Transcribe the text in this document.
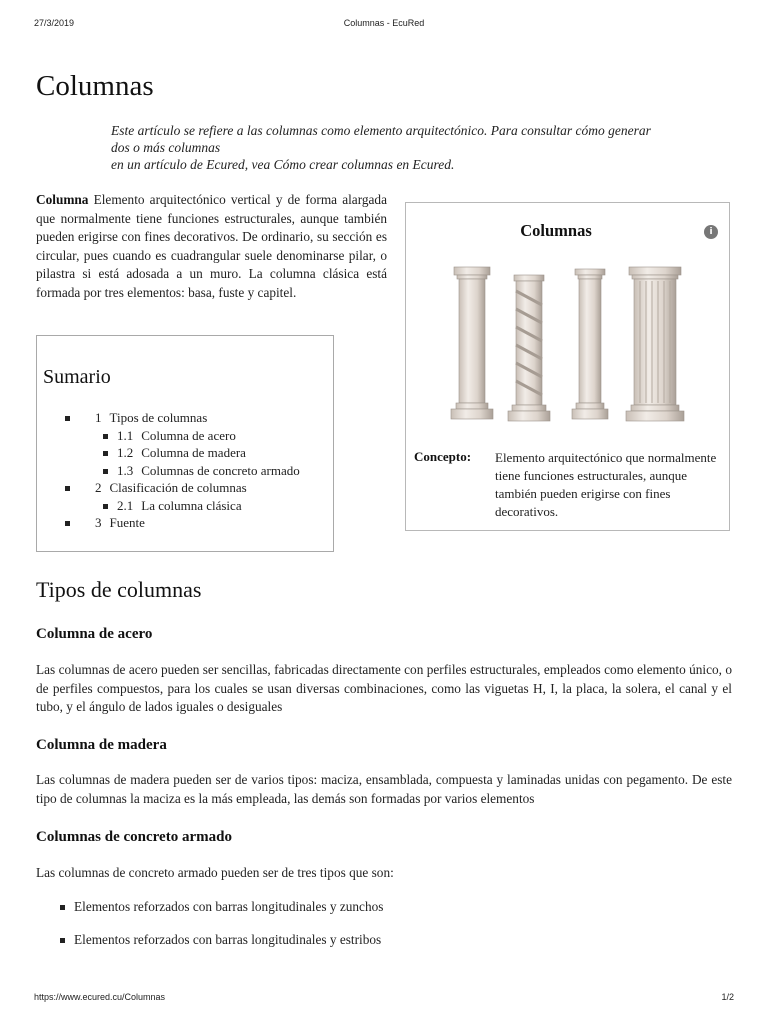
27/3/2019	Columnas - EcuRed
Columnas
Este artículo se refiere a las columnas como elemento arquitectónico. Para consultar cómo generar
dos o más columnas
en un artículo de Ecured, vea Cómo crear columnas en Ecured.

Columna Elemento arquitectónico vertical y de forma alargada que normalmente tiene funciones estructurales, aunque también pueden erigirse con fines decorativos. De ordinario, su sección es circular, pues cuando es cuadrangular suele denominarse pilar, o pilastra si está adosada a un muro. La columna clásica está formada por tres elementos: basa, fuste y capitel.

Sumario
1 Tipos de columnas
1.1 Columna de acero
1.2 Columna de madera
1.3 Columnas de concreto armado
2 Clasificación de columnas
2.1 La columna clásica
3 Fuente
Columnas	i
Concepto: Elemento arquitectónico que normalmente tiene funciones estructurales, aunque también pueden erigirse con fines decorativos.
Tipos de columnas
Columna de acero

Las columnas de acero pueden ser sencillas, fabricadas directamente con perfiles estructurales, empleados como elemento único, o de perfiles compuestos, para los cuales se usan diversas combinaciones, como las viguetas H, I, la placa, la solera, el canal y el tubo, y el ángulo de lados iguales o desiguales

Columna de madera

Las columnas de madera pueden ser de varios tipos: maciza, ensamblada, compuesta y laminadas unidas con pegamento. De este tipo de columnas la maciza es la más empleada, las demás son formadas por varios elementos

Columnas de concreto armado

Las columnas de concreto armado pueden ser de tres tipos que son:

Elementos reforzados con barras longitudinales y zunchos
Elementos reforzados con barras longitudinales y estribos
https://www.ecured.cu/Columnas	1/2
